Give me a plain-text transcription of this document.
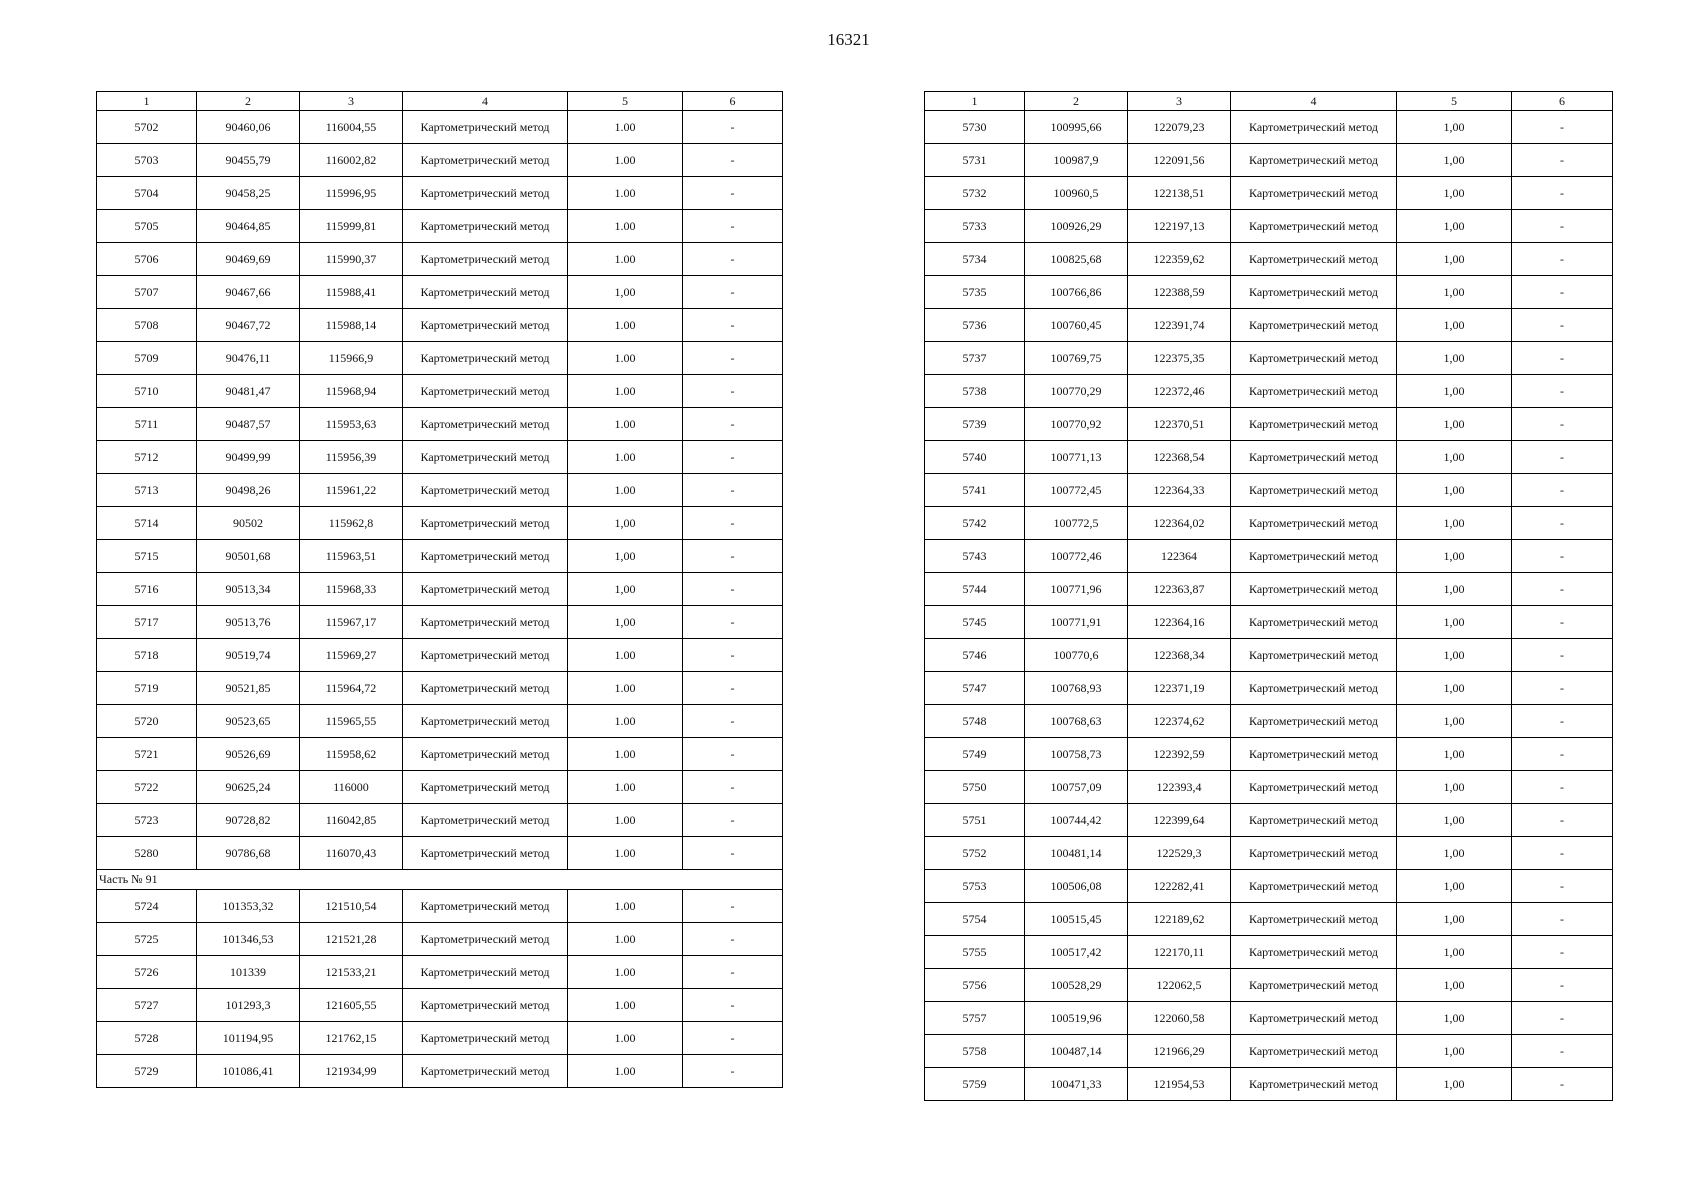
16321
1	2	3	4	5	6
5702	90460,06	116004,55	Картометрический метод	1.00	-
5703	90455,79	116002,82	Картометрический метод	1.00	-
5704	90458,25	115996,95	Картометрический метод	1.00	-
5705	90464,85	115999,81	Картометрический метод	1.00	-
5706	90469,69	115990,37	Картометрический метод	1.00	-
5707	90467,66	115988,41	Картометрический метод	1,00	-
5708	90467,72	115988,14	Картометрический метод	1.00	-
5709	90476,11	115966,9	Картометрический метод	1.00	-
5710	90481,47	115968,94	Картометрический метод	1.00	-
5711	90487,57	115953,63	Картометрический метод	1.00	-
5712	90499,99	115956,39	Картометрический метод	1.00	-
5713	90498,26	115961,22	Картометрический метод	1.00	-
5714	90502	115962,8	Картометрический метод	1,00	-
5715	90501,68	115963,51	Картометрический метод	1,00	-
5716	90513,34	115968,33	Картометрический метод	1,00	-
5717	90513,76	115967,17	Картометрический метод	1,00	-
5718	90519,74	115969,27	Картометрический метод	1.00	-
5719	90521,85	115964,72	Картометрический метод	1.00	-
5720	90523,65	115965,55	Картометрический метод	1.00	-
5721	90526,69	115958,62	Картометрический метод	1.00	-
5722	90625,24	116000	Картометрический метод	1.00	-
5723	90728,82	116042,85	Картометрический метод	1.00	-
5280	90786,68	116070,43	Картометрический метод	1.00	-
Часть № 91					
5724	101353,32	121510,54	Картометрический метод	1.00	-
5725	101346,53	121521,28	Картометрический метод	1.00	-
5726	101339	121533,21	Картометрический метод	1.00	-
5727	101293,3	121605,55	Картометрический метод	1.00	-
5728	101194,95	121762,15	Картометрический метод	1.00	-
5729	101086,41	121934,99	Картометрический метод	1.00	-
1	2	3	4	5	6
5730	100995,66	122079,23	Картометрический метод	1,00	-
5731	100987,9	122091,56	Картометрический метод	1,00	-
5732	100960,5	122138,51	Картометрический метод	1,00	-
5733	100926,29	122197,13	Картометрический метод	1,00	-
5734	100825,68	122359,62	Картометрический метод	1,00	-
5735	100766,86	122388,59	Картометрический метод	1,00	-
5736	100760,45	122391,74	Картометрический метод	1,00	-
5737	100769,75	122375,35	Картометрический метод	1,00	-
5738	100770,29	122372,46	Картометрический метод	1,00	-
5739	100770,92	122370,51	Картометрический метод	1,00	-
5740	100771,13	122368,54	Картометрический метод	1,00	-
5741	100772,45	122364,33	Картометрический метод	1,00	-
5742	100772,5	122364,02	Картометрический метод	1,00	-
5743	100772,46	122364	Картометрический метод	1,00	-
5744	100771,96	122363,87	Картометрический метод	1,00	-
5745	100771,91	122364,16	Картометрический метод	1,00	-
5746	100770,6	122368,34	Картометрический метод	1,00	-
5747	100768,93	122371,19	Картометрический метод	1,00	-
5748	100768,63	122374,62	Картометрический метод	1,00	-
5749	100758,73	122392,59	Картометрический метод	1,00	-
5750	100757,09	122393,4	Картометрический метод	1,00	-
5751	100744,42	122399,64	Картометрический метод	1,00	-
5752	100481,14	122529,3	Картометрический метод	1,00	-
5753	100506,08	122282,41	Картометрический метод	1,00	-
5754	100515,45	122189,62	Картометрический метод	1,00	-
5755	100517,42	122170,11	Картометрический метод	1,00	-
5756	100528,29	122062,5	Картометрический метод	1,00	-
5757	100519,96	122060,58	Картометрический метод	1,00	-
5758	100487,14	121966,29	Картометрический метод	1,00	-
5759	100471,33	121954,53	Картометрический метод	1,00	-
